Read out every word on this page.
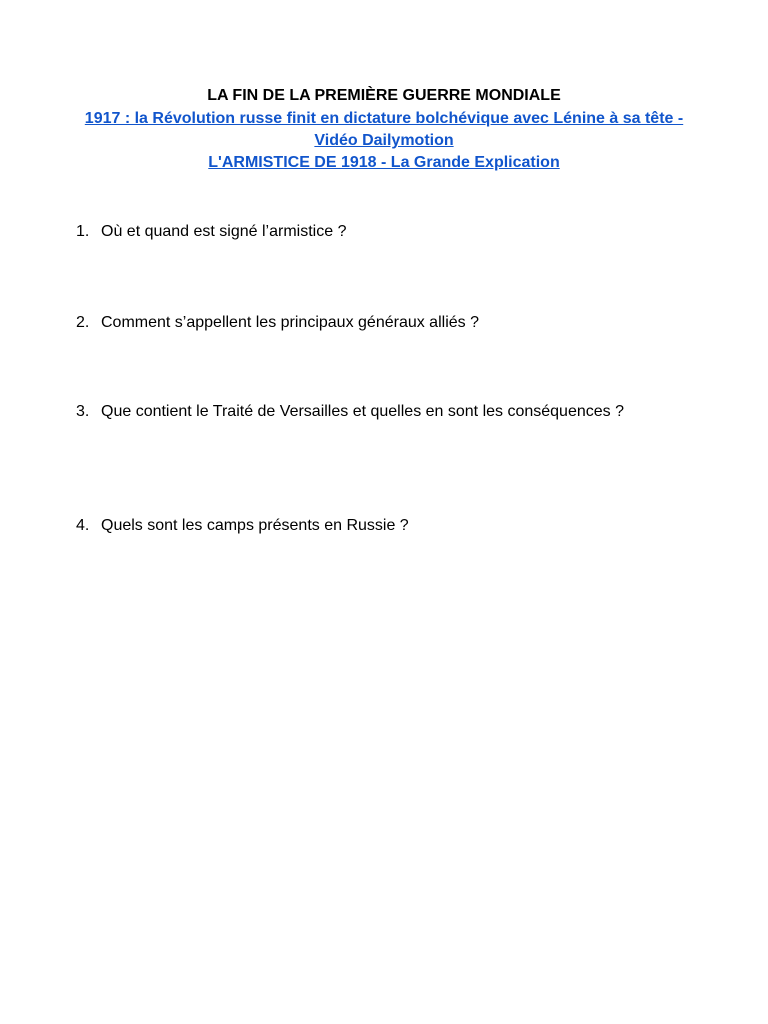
LA FIN DE LA PREMIÈRE GUERRE MONDIALE

1917 : la Révolution russe finit en dictature bolchévique avec Lénine à sa tête - Vidéo Dailymotion
L'ARMISTICE DE 1918 - La Grande Explication
1. Où et quand est signé l’armistice ?
2. Comment s’appellent les principaux généraux alliés ?
3. Que contient le Traité de Versailles et quelles en sont les conséquences ?
4. Quels sont les camps présents en Russie ?
